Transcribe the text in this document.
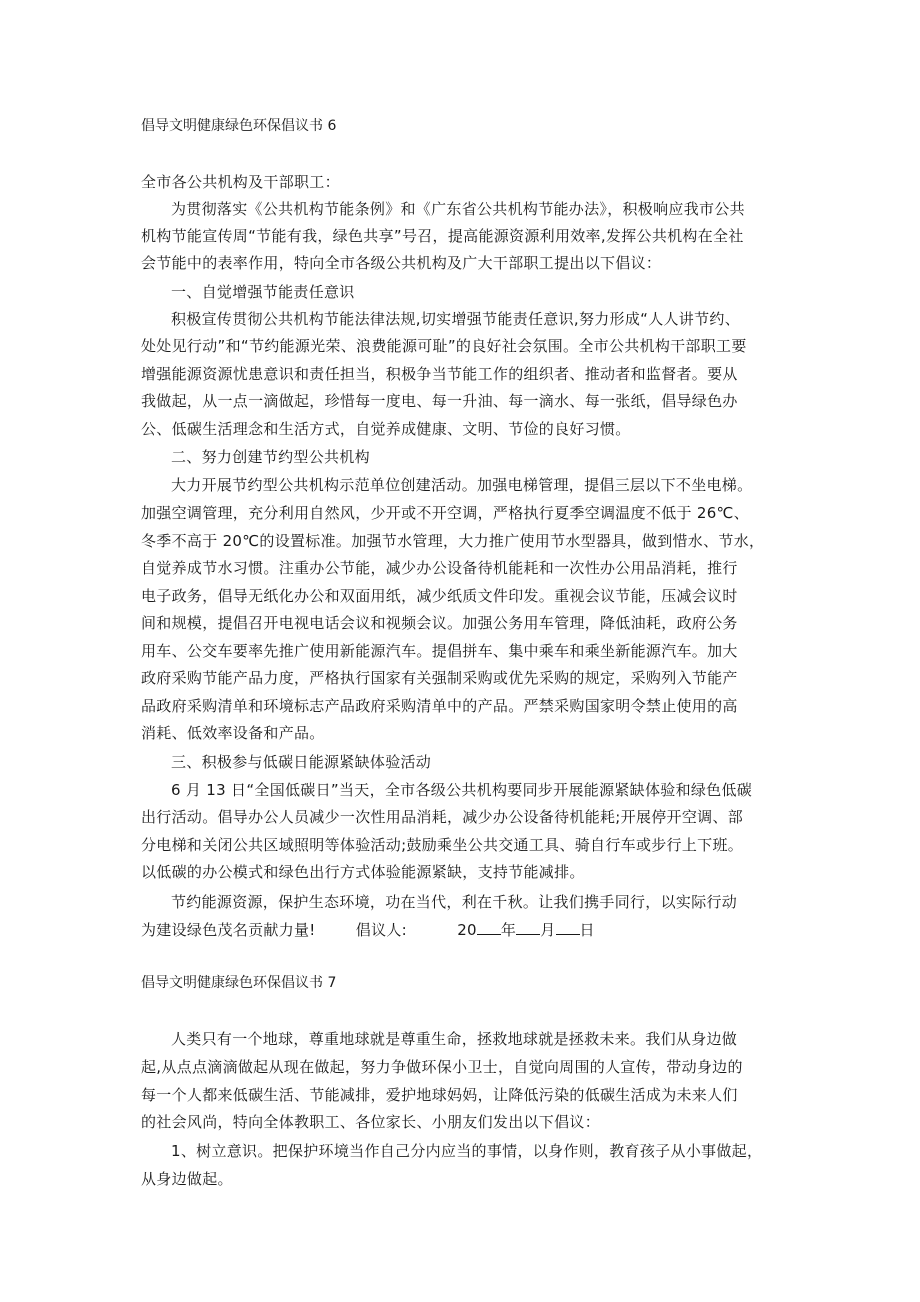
倡导文明健康绿色环保倡议书 6
全市各公共机构及干部职工：
为贯彻落实《公共机构节能条例》和《广东省公共机构节能办法》，积极响应我市公共
机构节能宣传周“节能有我，绿色共享”号召，提高能源资源利用效率,发挥公共机构在全社
会节能中的表率作用，特向全市各级公共机构及广大干部职工提出以下倡议：
一、自觉增强节能责任意识
积极宣传贯彻公共机构节能法律法规,切实增强节能责任意识,努力形成“人人讲节约、
处处见行动”和“节约能源光荣、浪费能源可耻”的良好社会氛围。全市公共机构干部职工要
增强能源资源忧患意识和责任担当，积极争当节能工作的组织者、推动者和监督者。要从
我做起，从一点一滴做起，珍惜每一度电、每一升油、每一滴水、每一张纸，倡导绿色办
公、低碳生活理念和生活方式，自觉养成健康、文明、节俭的良好习惯。
二、努力创建节约型公共机构
大力开展节约型公共机构示范单位创建活动。加强电梯管理，提倡三层以下不坐电梯。
加强空调管理，充分利用自然风，少开或不开空调，严格执行夏季空调温度不低于 26℃、
冬季不高于 20℃的设置标准。加强节水管理，大力推广使用节水型器具，做到惜水、节水，
自觉养成节水习惯。注重办公节能，减少办公设备待机能耗和一次性办公用品消耗，推行
电子政务，倡导无纸化办公和双面用纸，减少纸质文件印发。重视会议节能，压减会议时
间和规模，提倡召开电视电话会议和视频会议。加强公务用车管理，降低油耗，政府公务
用车、公交车要率先推广使用新能源汽车。提倡拼车、集中乘车和乘坐新能源汽车。加大
政府采购节能产品力度，严格执行国家有关强制采购或优先采购的规定，采购列入节能产
品政府采购清单和环境标志产品政府采购清单中的产品。严禁采购国家明令禁止使用的高
消耗、低效率设备和产品。
三、积极参与低碳日能源紧缺体验活动
6 月 13 日“全国低碳日”当天，全市各级公共机构要同步开展能源紧缺体验和绿色低碳
出行活动。倡导办公人员减少一次性用品消耗，减少办公设备待机能耗;开展停开空调、部
分电梯和关闭公共区域照明等体验活动;鼓励乘坐公共交通工具、骑自行车或步行上下班。
以低碳的办公模式和绿色出行方式体验能源紧缺，支持节能减排。
节约能源资源，保护生态环境，功在当代，利在千秋。让我们携手同行，以实际行动
为建设绿色茂名贡献力量!	倡议人:	20 年 月 日
倡导文明健康绿色环保倡议书 7
人类只有一个地球，尊重地球就是尊重生命，拯救地球就是拯救未来。我们从身边做
起,从点点滴滴做起从现在做起，努力争做环保小卫士，自觉向周围的人宣传，带动身边的
每一个人都来低碳生活、节能减排，爱护地球妈妈，让降低污染的低碳生活成为未来人们
的社会风尚，特向全体教职工、各位家长、小朋友们发出以下倡议：
1、树立意识。把保护环境当作自己分内应当的事情，以身作则，教育孩子从小事做起，
从身边做起。
